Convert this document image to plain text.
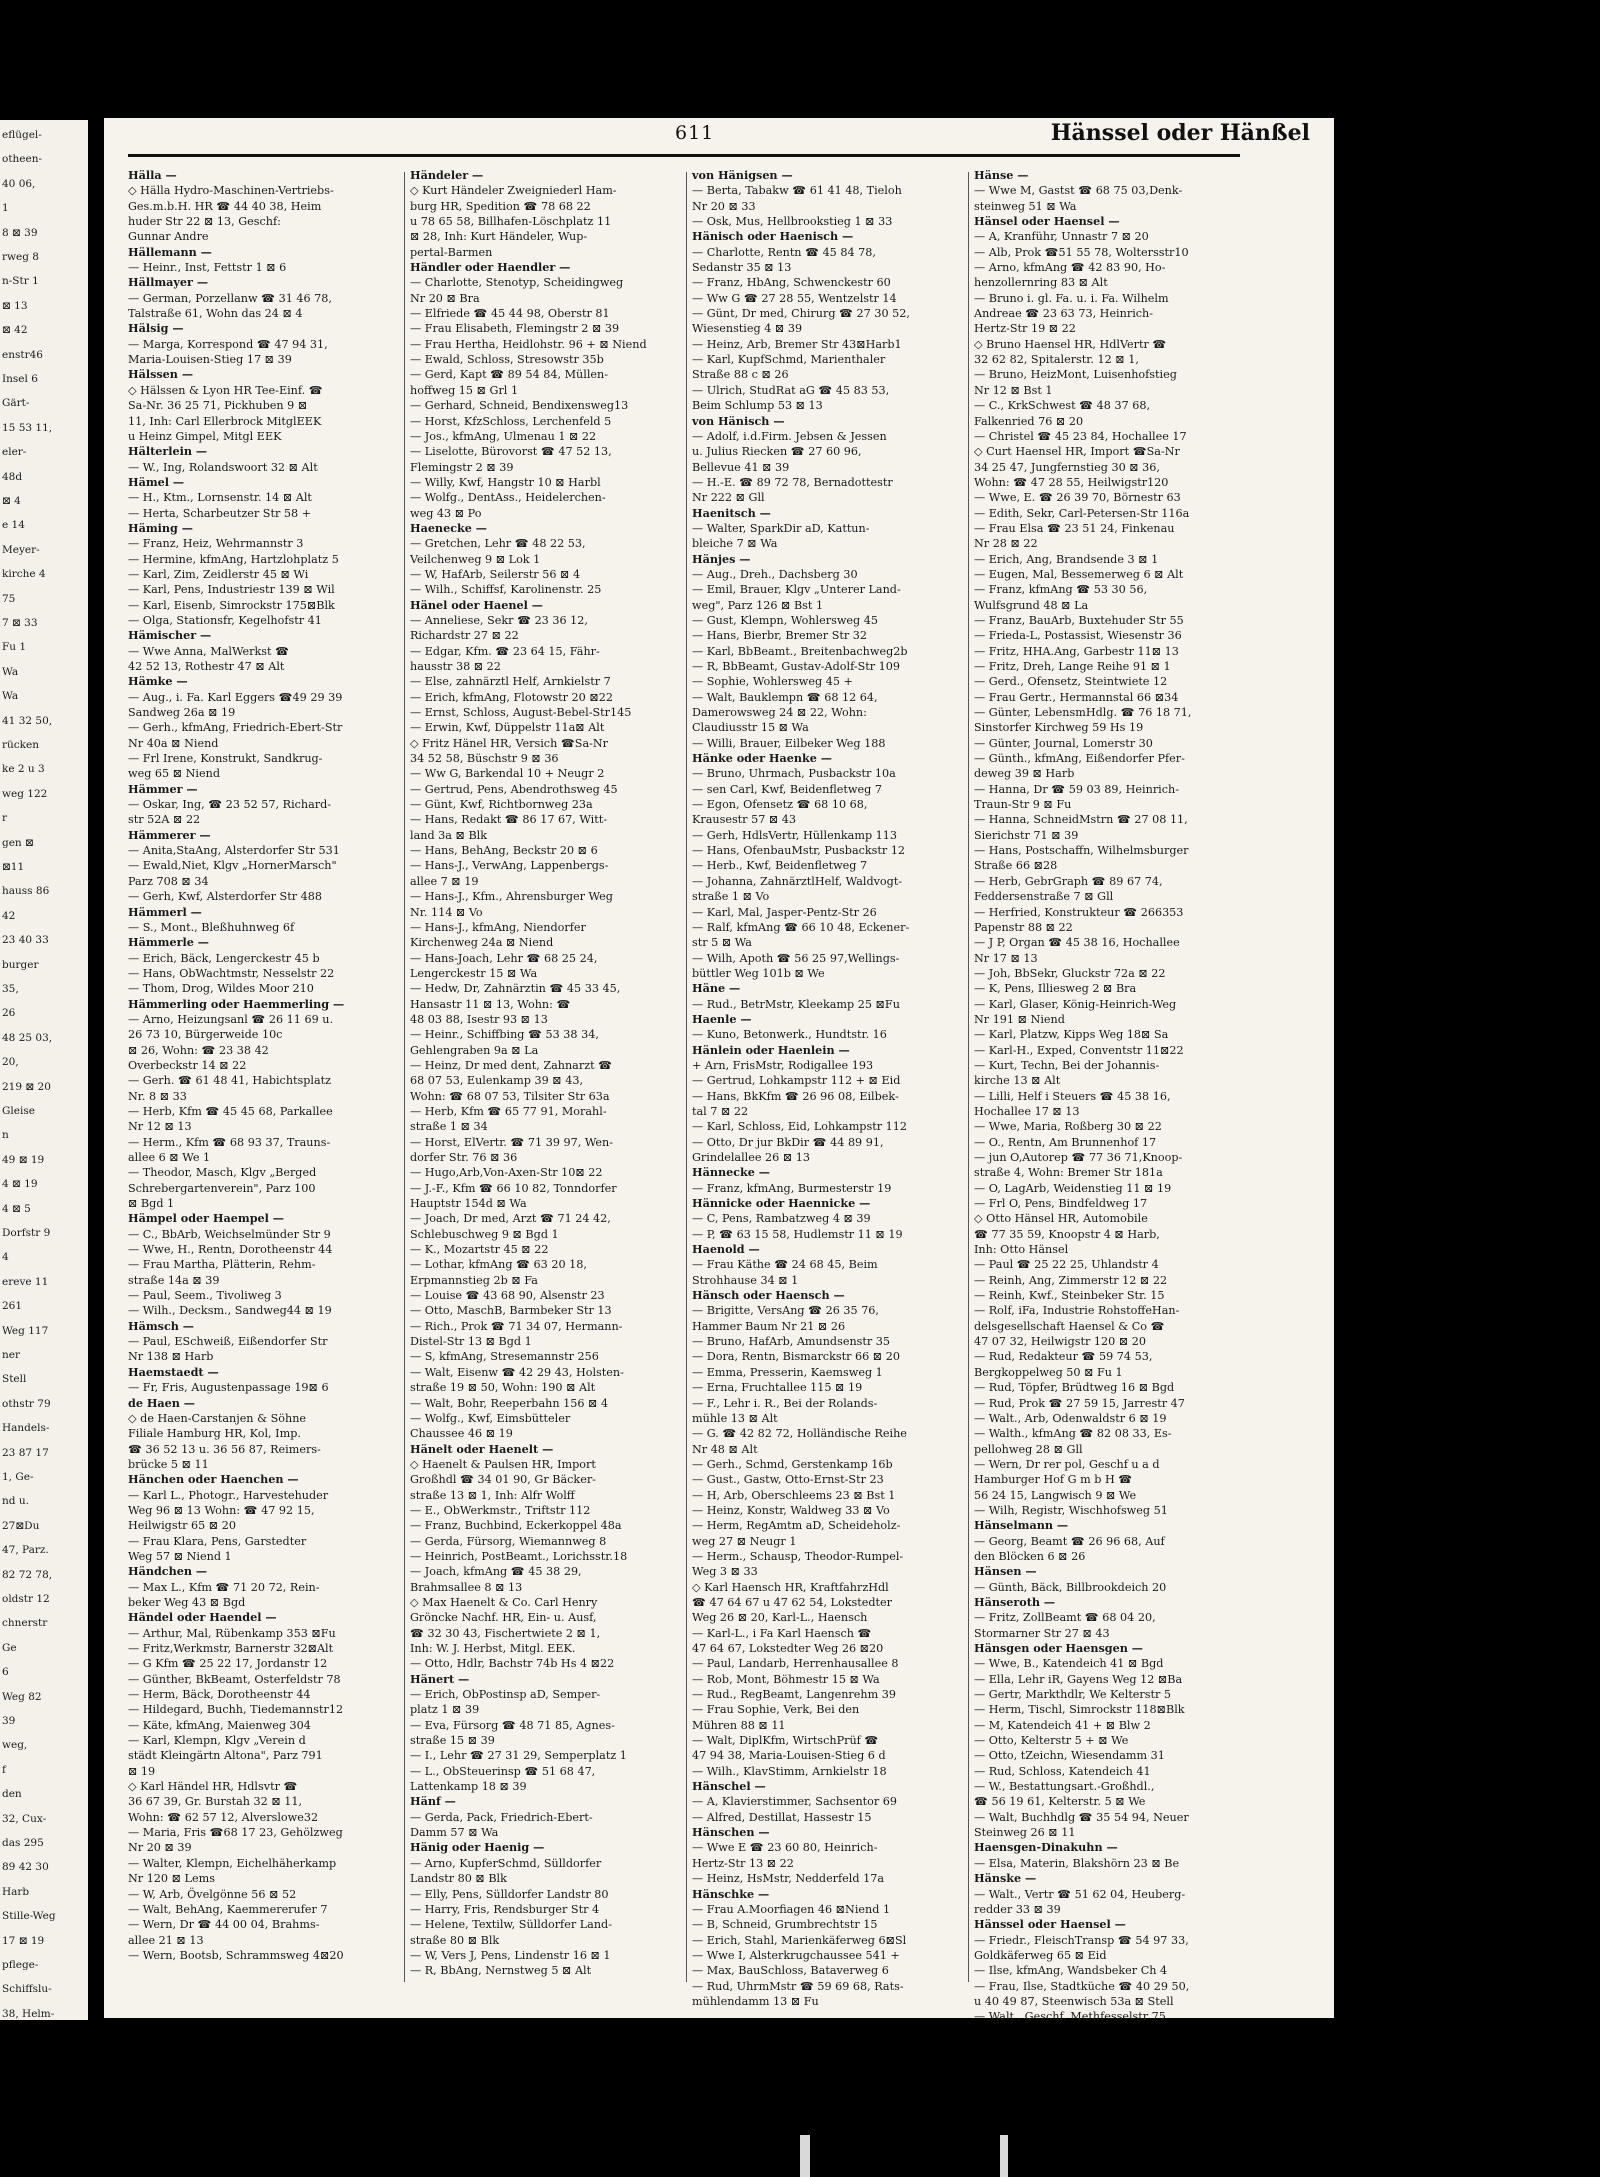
eflügel-
otheen-
40 06,
1
8 ⊠ 39
rweg 8
n-Str 1
⊠ 13
⊠ 42
enstr46
Insel 6
Gärt-
15 53 11,
eler-
48d
⊠ 4
e 14
Meyer-
kirche 4
75
7 ⊠ 33
Fu 1
Wa
Wa
41 32 50,
rücken
ke 2 u 3
weg 122
r
gen ⊠
⊠11
hauss 86
42
23 40 33
burger
35,
26
48 25 03,
20,
219 ⊠ 20
Gleise
n
49 ⊠ 19
4 ⊠ 19
4 ⊠ 5
Dorfstr 9
4
ereve 11
261
Weg 117
ner
Stell
othstr 79
Handels-
23 87 17
1, Ge-
nd u.
27⊠Du
47, Parz.
82 72 78,
oldstr 12
chnerstr
Ge
6
Weg 82
39
weg,
f
den
32, Cux-
das 295
89 42 30
Harb
Stille-Weg
17 ⊠ 19
pflege-
Schiffslu-
38, Helm-
611	Hänssel oder Hänßel
Hälla —
◇ Hälla Hydro-Maschinen-Vertriebs-
Ges.m.b.H. HR ☎ 44 40 38, Heim
huder Str 22 ⊠ 13, Geschf:
Gunnar Andre
Hällemann —
— Heinr., Inst, Fettstr 1 ⊠ 6
Hällmayer —
— German, Porzellanw ☎ 31 46 78,
Talstraße 61, Wohn das 24 ⊠ 4
Hälsig —
— Marga, Korrespond ☎ 47 94 31,
Maria-Louisen-Stieg 17 ⊠ 39
Hälssen —
◇ Hälssen & Lyon HR Tee-Einf. ☎
Sa-Nr. 36 25 71, Pickhuben 9 ⊠
11, Inh: Carl Ellerbrock MitglEEK
u Heinz Gimpel, Mitgl EEK
Hälterlein —
— W., Ing, Rolandswoort 32 ⊠ Alt
Hämel —
— H., Ktm., Lornsenstr. 14 ⊠ Alt
— Herta, Scharbeutzer Str 58 +
Häming —
— Franz, Heiz, Wehrmannstr 3
— Hermine, kfmAng, Hartzlohplatz 5
— Karl, Zim, Zeidlerstr 45 ⊠ Wi
— Karl, Pens, Industriestr 139 ⊠ Wil
— Karl, Eisenb, Simrockstr 175⊠Blk
— Olga, Stationsfr, Kegelhofstr 41
Hämischer —
— Wwe Anna, MalWerkst ☎
42 52 13, Rothestr 47 ⊠ Alt
Hämke —
— Aug., i. Fa. Karl Eggers ☎49 29 39
Sandweg 26a ⊠ 19
— Gerh., kfmAng, Friedrich-Ebert-Str
Nr 40a ⊠ Niend
— Frl Irene, Konstrukt, Sandkrug-
weg 65 ⊠ Niend
Hämmer —
— Oskar, Ing, ☎ 23 52 57, Richard-
str 52A ⊠ 22
Hämmerer —
— Anita,StaAng, Alsterdorfer Str 531
— Ewald,Niet, Klgv „HornerMarsch"
Parz 708 ⊠ 34
— Gerh, Kwf, Alsterdorfer Str 488
Hämmerl —
— S., Mont., Bleßhuhnweg 6f
Hämmerle —
— Erich, Bäck, Lengerckestr 45 b
— Hans, ObWachtmstr, Nesselstr 22
— Thom, Drog, Wildes Moor 210
Hämmerling oder Haemmerling —
— Arno, Heizungsanl ☎ 26 11 69 u.
26 73 10, Bürgerweide 10c
⊠ 26, Wohn: ☎ 23 38 42
Overbeckstr 14 ⊠ 22
— Gerh. ☎ 61 48 41, Habichtsplatz
Nr. 8 ⊠ 33
— Herb, Kfm ☎ 45 45 68, Parkallee
Nr 12 ⊠ 13
— Herm., Kfm ☎ 68 93 37, Trauns-
allee 6 ⊠ We 1
— Theodor, Masch, Klgv „Berged
Schrebergartenverein", Parz 100
⊠ Bgd 1
Hämpel oder Haempel —
— C., BbArb, Weichselmünder Str 9
— Wwe, H., Rentn, Dorotheenstr 44
— Frau Martha, Plätterin, Rehm-
straße 14a ⊠ 39
— Paul, Seem., Tivoliweg 3
— Wilh., Decksm., Sandweg44 ⊠ 19
Hämsch —
— Paul, ESchweiß, Eißendorfer Str
Nr 138 ⊠ Harb
Haemstaedt —
— Fr, Fris, Augustenpassage 19⊠ 6
de Haen —
◇ de Haen-Carstanjen & Söhne
Filiale Hamburg HR, Kol, Imp.
☎ 36 52 13 u. 36 56 87, Reimers-
brücke 5 ⊠ 11
Hänchen oder Haenchen —
— Karl L., Photogr., Harvestehuder
Weg 96 ⊠ 13 Wohn: ☎ 47 92 15,
Heilwigstr 65 ⊠ 20
— Frau Klara, Pens, Garstedter
Weg 57 ⊠ Niend 1
Händchen —
— Max L., Kfm ☎ 71 20 72, Rein-
beker Weg 43 ⊠ Bgd
Händel oder Haendel —
— Arthur, Mal, Rübenkamp 353 ⊠Fu
— Fritz,Werkmstr, Barnerstr 32⊠Alt
— G Kfm ☎ 25 22 17, Jordanstr 12
— Günther, BkBeamt, Osterfeldstr 78
— Herm, Bäck, Dorotheenstr 44
— Hildegard, Buchh, Tiedemannstr12
— Käte, kfmAng, Maienweg 304
— Karl, Klempn, Klgv „Verein d
städt Kleingärtn Altona", Parz 791
⊠ 19
◇ Karl Händel HR, Hdlsvtr ☎
36 67 39, Gr. Burstah 32 ⊠ 11,
Wohn: ☎ 62 57 12, Alverslowe32
— Maria, Fris ☎68 17 23, Gehölzweg
Nr 20 ⊠ 39
— Walter, Klempn, Eichelhäherkamp
Nr 120 ⊠ Lems
— W, Arb, Övelgönne 56 ⊠ 52
— Walt, BehAng, Kaemmererufer 7
— Wern, Dr ☎ 44 00 04, Brahms-
allee 21 ⊠ 13
— Wern, Bootsb, Schrammsweg 4⊠20
Händeler —
◇ Kurt Händeler Zweigniederl Ham-
burg HR, Spedition ☎ 78 68 22
u 78 65 58, Billhafen-Löschplatz 11
⊠ 28, Inh: Kurt Händeler, Wup-
pertal-Barmen
Händler oder Haendler —
— Charlotte, Stenotyp, Scheidingweg
Nr 20 ⊠ Bra
— Elfriede ☎ 45 44 98, Oberstr 81
— Frau Elisabeth, Flemingstr 2 ⊠ 39
— Frau Hertha, Heidlohstr. 96 + ⊠ Niend
— Ewald, Schloss, Stresowstr 35b
— Gerd, Kapt ☎ 89 54 84, Müllen-
hoffweg 15 ⊠ Grl 1
— Gerhard, Schneid, Bendixensweg13
— Horst, KfzSchloss, Lerchenfeld 5
— Jos., kfmAng, Ulmenau 1 ⊠ 22
— Liselotte, Bürovorst ☎ 47 52 13,
Flemingstr 2 ⊠ 39
— Willy, Kwf, Hangstr 10 ⊠ Harbl
— Wolfg., DentAss., Heidelerchen-
weg 43 ⊠ Po
Haenecke —
— Gretchen, Lehr ☎ 48 22 53,
Veilchenweg 9 ⊠ Lok 1
— W, HafArb, Seilerstr 56 ⊠ 4
— Wilh., Schiffsf, Karolinenstr. 25
Hänel oder Haenel —
— Anneliese, Sekr ☎ 23 36 12,
Richardstr 27 ⊠ 22
— Edgar, Kfm. ☎ 23 64 15, Fähr-
hausstr 38 ⊠ 22
— Else, zahnärztl Helf, Arnkielstr 7
— Erich, kfmAng, Flotowstr 20 ⊠22
— Ernst, Schloss, August-Bebel-Str145
— Erwin, Kwf, Düppelstr 11a⊠ Alt
◇ Fritz Hänel HR, Versich ☎Sa-Nr
34 52 58, Büschstr 9 ⊠ 36
— Ww G, Barkendal 10 + Neugr 2
— Gertrud, Pens, Abendrothsweg 45
— Günt, Kwf, Richtbornweg 23a
— Hans, Redakt ☎ 86 17 67, Witt-
land 3a ⊠ Blk
— Hans, BehAng, Beckstr 20 ⊠ 6
— Hans-J., VerwAng, Lappenbergs-
allee 7 ⊠ 19
— Hans-J., Kfm., Ahrensburger Weg
Nr. 114 ⊠ Vo
— Hans-J., kfmAng, Niendorfer
Kirchenweg 24a ⊠ Niend
— Hans-Joach, Lehr ☎ 68 25 24,
Lengerckestr 15 ⊠ Wa
— Hedw, Dr, Zahnärztin ☎ 45 33 45,
Hansastr 11 ⊠ 13, Wohn: ☎
48 03 88, Isestr 93 ⊠ 13
— Heinr., Schiffbing ☎ 53 38 34,
Gehlengraben 9a ⊠ La
— Heinz, Dr med dent, Zahnarzt ☎
68 07 53, Eulenkamp 39 ⊠ 43,
Wohn: ☎ 68 07 53, Tilsiter Str 63a
— Herb, Kfm ☎ 65 77 91, Morahl-
straße 1 ⊠ 34
— Horst, ElVertr. ☎ 71 39 97, Wen-
dorfer Str. 76 ⊠ 36
— Hugo,Arb,Von-Axen-Str 10⊠ 22
— J.-F., Kfm ☎ 66 10 82, Tonndorfer
Hauptstr 154d ⊠ Wa
— Joach, Dr med, Arzt ☎ 71 24 42,
Schlebuschweg 9 ⊠ Bgd 1
— K., Mozartstr 45 ⊠ 22
— Lothar, kfmAng ☎ 63 20 18,
Erpmannstieg 2b ⊠ Fa
— Louise ☎ 43 68 90, Alsenstr 23
— Otto, MaschB, Barmbeker Str 13
— Rich., Prok ☎ 71 34 07, Hermann-
Distel-Str 13 ⊠ Bgd 1
— S, kfmAng, Stresemannstr 256
— Walt, Eisenw ☎ 42 29 43, Holsten-
straße 19 ⊠ 50, Wohn: 190 ⊠ Alt
— Walt, Bohr, Reeperbahn 156 ⊠ 4
— Wolfg., Kwf, Eimsbütteler
Chaussee 46 ⊠ 19
Hänelt oder Haenelt —
◇ Haenelt & Paulsen HR, Import
Großhdl ☎ 34 01 90, Gr Bäcker-
straße 13 ⊠ 1, Inh: Alfr Wolff
— E., ObWerkmstr., Triftstr 112
— Franz, Buchbind, Eckerkoppel 48a
— Gerda, Fürsorg, Wiemannweg 8
— Heinrich, PostBeamt., Lorichsstr.18
— Joach, kfmAng ☎ 45 38 29,
Brahmsallee 8 ⊠ 13
◇ Max Haenelt & Co. Carl Henry
Gröncke Nachf. HR, Ein- u. Ausf,
☎ 32 30 43, Fischertwiete 2 ⊠ 1,
Inh: W. J. Herbst, Mitgl. EEK.
— Otto, Hdlr, Bachstr 74b Hs 4 ⊠22
Hänert —
— Erich, ObPostinsp aD, Semper-
platz 1 ⊠ 39
— Eva, Fürsorg ☎ 48 71 85, Agnes-
straße 15 ⊠ 39
— I., Lehr ☎ 27 31 29, Semperplatz 1
— L., ObSteuerinsp ☎ 51 68 47,
Lattenkamp 18 ⊠ 39
Hänf —
— Gerda, Pack, Friedrich-Ebert-
Damm 57 ⊠ Wa
Hänig oder Haenig —
— Arno, KupferSchmd, Sülldorfer
Landstr 80 ⊠ Blk
— Elly, Pens, Sülldorfer Landstr 80
— Harry, Fris, Rendsburger Str 4
— Helene, Textilw, Sülldorfer Land-
straße 80 ⊠ Blk
— W, Vers J, Pens, Lindenstr 16 ⊠ 1
— R, BbAng, Nernstweg 5 ⊠ Alt
von Hänigsen —
— Berta, Tabakw ☎ 61 41 48, Tieloh
Nr 20 ⊠ 33
— Osk, Mus, Hellbrookstieg 1 ⊠ 33
Hänisch oder Haenisch —
— Charlotte, Rentn ☎ 45 84 78,
Sedanstr 35 ⊠ 13
— Franz, HbAng, Schwenckestr 60
— Ww G ☎ 27 28 55, Wentzelstr 14
— Günt, Dr med, Chirurg ☎ 27 30 52,
Wiesenstieg 4 ⊠ 39
— Heinz, Arb, Bremer Str 43⊠Harb1
— Karl, KupfSchmd, Marienthaler
Straße 88 c ⊠ 26
— Ulrich, StudRat aG ☎ 45 83 53,
Beim Schlump 53 ⊠ 13
von Hänisch —
— Adolf, i.d.Firm. Jebsen & Jessen
u. Julius Riecken ☎ 27 60 96,
Bellevue 41 ⊠ 39
— H.-E. ☎ 89 72 78, Bernadottestr
Nr 222 ⊠ Gll
Haenitsch —
— Walter, SparkDir aD, Kattun-
bleiche 7 ⊠ Wa
Hänjes —
— Aug., Dreh., Dachsberg 30
— Emil, Brauer, Klgv „Unterer Land-
weg", Parz 126 ⊠ Bst 1
— Gust, Klempn, Wohlersweg 45
— Hans, Bierbr, Bremer Str 32
— Karl, BbBeamt., Breitenbachweg2b
— R, BbBeamt, Gustav-Adolf-Str 109
— Sophie, Wohlersweg 45 +
— Walt, Bauklempn ☎ 68 12 64,
Damerowsweg 24 ⊠ 22, Wohn:
Claudiusstr 15 ⊠ Wa
— Willi, Brauer, Eilbeker Weg 188
Hänke oder Haenke —
— Bruno, Uhrmach, Pusbackstr 10a
— sen Carl, Kwf, Beidenfletweg 7
— Egon, Ofensetz ☎ 68 10 68,
Krausestr 57 ⊠ 43
— Gerh, HdlsVertr, Hüllenkamp 113
— Hans, OfenbauMstr, Pusbackstr 12
— Herb., Kwf, Beidenfletweg 7
— Johanna, ZahnärztlHelf, Waldvogt-
straße 1 ⊠ Vo
— Karl, Mal, Jasper-Pentz-Str 26
— Ralf, kfmAng ☎ 66 10 48, Eckener-
str 5 ⊠ Wa
— Wilh, Apoth ☎ 56 25 97,Wellings-
büttler Weg 101b ⊠ We
Häne —
— Rud., BetrMstr, Kleekamp 25 ⊠Fu
Haenle —
— Kuno, Betonwerk., Hundtstr. 16
Hänlein oder Haenlein —
+ Arn, FrisMstr, Rodigallee 193
— Gertrud, Lohkampstr 112 + ⊠ Eid
— Hans, BkKfm ☎ 26 96 08, Eilbek-
tal 7 ⊠ 22
— Karl, Schloss, Eid, Lohkampstr 112
— Otto, Dr jur BkDir ☎ 44 89 91,
Grindelallee 26 ⊠ 13
Hännecke —
— Franz, kfmAng, Burmesterstr 19
Hännicke oder Haennicke —
— C, Pens, Rambatzweg 4 ⊠ 39
— P, ☎ 63 15 58, Hudlemstr 11 ⊠ 19
Haenold —
— Frau Käthe ☎ 24 68 45, Beim
Strohhause 34 ⊠ 1
Hänsch oder Haensch —
— Brigitte, VersAng ☎ 26 35 76,
Hammer Baum Nr 21 ⊠ 26
— Bruno, HafArb, Amundsenstr 35
— Dora, Rentn, Bismarckstr 66 ⊠ 20
— Emma, Presserin, Kaemsweg 1
— Erna, Fruchtallee 115 ⊠ 19
— F., Lehr i. R., Bei der Rolands-
mühle 13 ⊠ Alt
— G. ☎ 42 82 72, Holländische Reihe
Nr 48 ⊠ Alt
— Gerh., Schmd, Gerstenkamp 16b
— Gust., Gastw, Otto-Ernst-Str 23
— H, Arb, Oberschleems 23 ⊠ Bst 1
— Heinz, Konstr, Waldweg 33 ⊠ Vo
— Herm, RegAmtm aD, Scheideholz-
weg 27 ⊠ Neugr 1
— Herm., Schausp, Theodor-Rumpel-
Weg 3 ⊠ 33
◇ Karl Haensch HR, KraftfahrzHdl
☎ 47 64 67 u 47 62 54, Lokstedter
Weg 26 ⊠ 20, Karl-L., Haensch
— Karl-L., i Fa Karl Haensch ☎
47 64 67, Lokstedter Weg 26 ⊠20
— Paul, Landarb, Herrenhausallee 8
— Rob, Mont, Böhmestr 15 ⊠ Wa
— Rud., RegBeamt, Langenrehm 39
— Frau Sophie, Verk, Bei den
Mühren 88 ⊠ 11
— Walt, DiplKfm, WirtschPrüf ☎
47 94 38, Maria-Louisen-Stieg 6 d
— Wilh., KlavStimm, Arnkielstr 18
Hänschel —
— A, Klavierstimmer, Sachsentor 69
— Alfred, Destillat, Hassestr 15
Hänschen —
— Wwe E ☎ 23 60 80, Heinrich-
Hertz-Str 13 ⊠ 22
— Heinz, HsMstr, Nedderfeld 17a
Hänschke —
— Frau A.Moorfiagen 46 ⊠Niend 1
— B, Schneid, Grumbrechtstr 15
— Erich, Stahl, Marienkäferweg 6⊠Sl
— Wwe I, Alsterkrugchaussee 541 +
— Max, BauSchloss, Bataverweg 6
— Rud, UhrmMstr ☎ 59 69 68, Rats-
mühlendamm 13 ⊠ Fu
Hänse —
— Wwe M, Gastst ☎ 68 75 03,Denk-
steinweg 51 ⊠ Wa
Hänsel oder Haensel —
— A, Kranführ, Unnastr 7 ⊠ 20
— Alb, Prok ☎51 55 78, Woltersstr10
— Arno, kfmAng ☎ 42 83 90, Ho-
henzollernring 83 ⊠ Alt
— Bruno i. gl. Fa. u. i. Fa. Wilhelm
Andreae ☎ 23 63 73, Heinrich-
Hertz-Str 19 ⊠ 22
◇ Bruno Haensel HR, HdlVertr ☎
32 62 82, Spitalerstr. 12 ⊠ 1,
— Bruno, HeizMont, Luisenhofstieg
Nr 12 ⊠ Bst 1
— C., KrkSchwest ☎ 48 37 68,
Falkenried 76 ⊠ 20
— Christel ☎ 45 23 84, Hochallee 17
◇ Curt Haensel HR, Import ☎Sa-Nr
34 25 47, Jungfernstieg 30 ⊠ 36,
Wohn: ☎ 47 28 55, Heilwigstr120
— Wwe, E. ☎ 26 39 70, Börnestr 63
— Edith, Sekr, Carl-Petersen-Str 116a
— Frau Elsa ☎ 23 51 24, Finkenau
Nr 28 ⊠ 22
— Erich, Ang, Brandsende 3 ⊠ 1
— Eugen, Mal, Bessemerweg 6 ⊠ Alt
— Franz, kfmAng ☎ 53 30 56,
Wulfsgrund 48 ⊠ La
— Franz, BauArb, Buxtehuder Str 55
— Frieda-L, Postassist, Wiesenstr 36
— Fritz, HHA.Ang, Garbestr 11⊠ 13
— Fritz, Dreh, Lange Reihe 91 ⊠ 1
— Gerd., Ofensetz, Steintwiete 12
— Frau Gertr., Hermannstal 66 ⊠34
— Günter, LebensmHdlg. ☎ 76 18 71,
Sinstorfer Kirchweg 59 Hs 19
— Günter, Journal, Lomerstr 30
— Günth., kfmAng, Eißendorfer Pfer-
deweg 39 ⊠ Harb
— Hanna, Dr ☎ 59 03 89, Heinrich-
Traun-Str 9 ⊠ Fu
— Hanna, SchneidMstrn ☎ 27 08 11,
Sierichstr 71 ⊠ 39
— Hans, Postschaffn, Wilhelmsburger
Straße 66 ⊠28
— Herb, GebrGraph ☎ 89 67 74,
Feddersenstraße 7 ⊠ Gll
— Herfried, Konstrukteur ☎ 266353
Papenstr 88 ⊠ 22
— J P, Organ ☎ 45 38 16, Hochallee
Nr 17 ⊠ 13
— Joh, BbSekr, Gluckstr 72a ⊠ 22
— K, Pens, Illiesweg 2 ⊠ Bra
— Karl, Glaser, König-Heinrich-Weg
Nr 191 ⊠ Niend
— Karl, Platzw, Kipps Weg 18⊠ Sa
— Karl-H., Exped, Conventstr 11⊠22
— Kurt, Techn, Bei der Johannis-
kirche 13 ⊠ Alt
— Lilli, Helf i Steuers ☎ 45 38 16,
Hochallee 17 ⊠ 13
— Wwe, Maria, Roßberg 30 ⊠ 22
— O., Rentn, Am Brunnenhof 17
— jun O,Autorep ☎ 77 36 71,Knoop-
straße 4, Wohn: Bremer Str 181a
— O, LagArb, Weidenstieg 11 ⊠ 19
— Frl O, Pens, Bindfeldweg 17
◇ Otto Hänsel HR, Automobile
☎ 77 35 59, Knoopstr 4 ⊠ Harb,
Inh: Otto Hänsel
— Paul ☎ 25 22 25, Uhlandstr 4
— Reinh, Ang, Zimmerstr 12 ⊠ 22
— Reinh, Kwf., Steinbeker Str. 15
— Rolf, iFa, Industrie RohstoffeHan-
delsgesellschaft Haensel & Co ☎
47 07 32, Heilwigstr 120 ⊠ 20
— Rud, Redakteur ☎ 59 74 53,
Bergkoppelweg 50 ⊠ Fu 1
— Rud, Töpfer, Brüdtweg 16 ⊠ Bgd
— Rud, Prok ☎ 27 59 15, Jarrestr 47
— Walt., Arb, Odenwaldstr 6 ⊠ 19
— Walth., kfmAng ☎ 82 08 33, Es-
pellohweg 28 ⊠ Gll
— Wern, Dr rer pol, Geschf u a d
Hamburger Hof G m b H ☎
56 24 15, Langwisch 9 ⊠ We
— Wilh, Registr, Wischhofsweg 51
Hänselmann —
— Georg, Beamt ☎ 26 96 68, Auf
den Blöcken 6 ⊠ 26
Hänsen —
— Günth, Bäck, Billbrookdeich 20
Hänseroth —
— Fritz, ZollBeamt ☎ 68 04 20,
Stormarner Str 27 ⊠ 43
Hänsgen oder Haensgen —
— Wwe, B., Katendeich 41 ⊠ Bgd
— Ella, Lehr iR, Gayens Weg 12 ⊠Ba
— Gertr, Markthdlr, We Kelterstr 5
— Herm, Tischl, Simrockstr 118⊠Blk
— M, Katendeich 41 + ⊠ Blw 2
— Otto, Kelterstr 5 + ⊠ We
— Otto, tZeichn, Wiesendamm 31
— Rud, Schloss, Katendeich 41
— W., Bestattungsart.-Großhdl.,
☎ 56 19 61, Kelterstr. 5 ⊠ We
— Walt, Buchhdlg ☎ 35 54 94, Neuer
Steinweg 26 ⊠ 11
Haensgen-Dinakuhn —
— Elsa, Materin, Blakshörn 23 ⊠ Be
Hänske —
— Walt., Vertr ☎ 51 62 04, Heuberg-
redder 33 ⊠ 39
Hänssel oder Haensel —
— Friedr., FleischTransp ☎ 54 97 33,
Goldkäferweg 65 ⊠ Eid
— Ilse, kfmAng, Wandsbeker Ch 4
— Frau, Ilse, Stadtküche ☎ 40 29 50,
u 40 49 87, Steenwisch 53a ⊠ Stell
— Walt., Geschf, Methfesselstr 75
